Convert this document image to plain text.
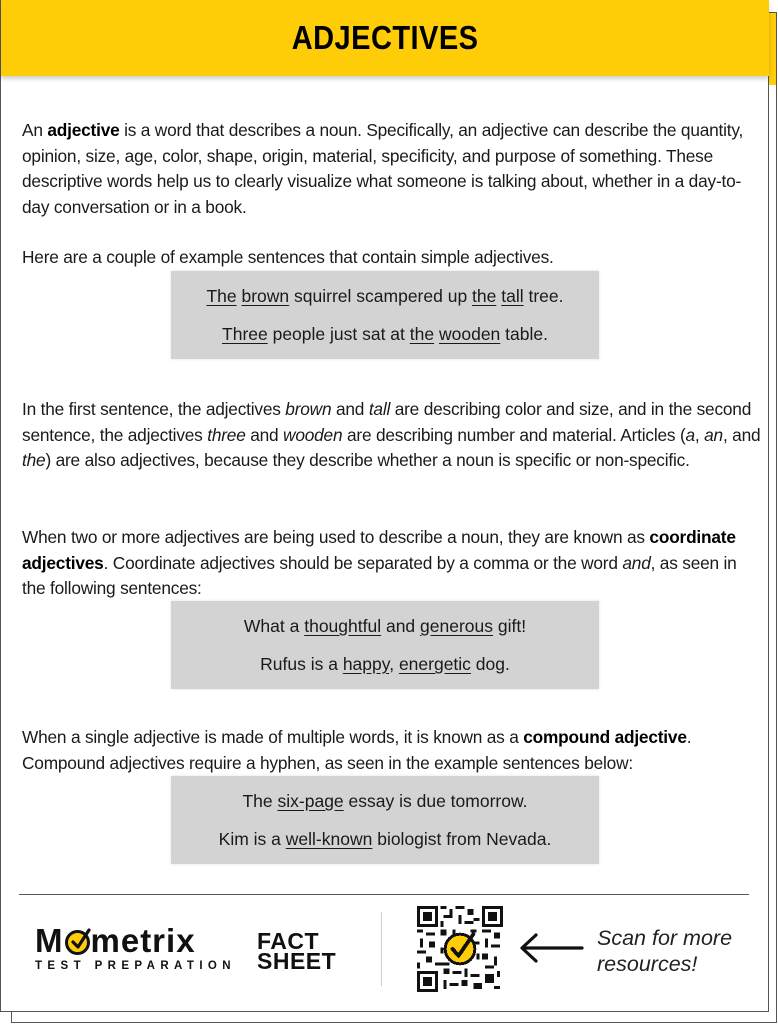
ADJECTIVES

An adjective is a word that describes a noun. Specifically, an adjective can describe the quantity, opinion, size, age, color, shape, origin, material, specificity, and purpose of something. These descriptive words help us to clearly visualize what someone is talking about, whether in a day-to-day conversation or in a book.

Here are a couple of example sentences that contain simple adjectives.

The brown squirrel scampered up the tall tree.
Three people just sat at the wooden table.

In the first sentence, the adjectives brown and tall are describing color and size, and in the second sentence, the adjectives three and wooden are describing number and material. Articles (a, an, and the) are also adjectives, because they describe whether a noun is specific or non-specific.

When two or more adjectives are being used to describe a noun, they are known as coordinate adjectives. Coordinate adjectives should be separated by a comma or the word and, as seen in the following sentences:

What a thoughtful and generous gift!
Rufus is a happy, energetic dog.

When a single adjective is made of multiple words, it is known as a compound adjective. Compound adjectives require a hyphen, as seen in the example sentences below:

The six-page essay is due tomorrow.
Kim is a well-known biologist from Nevada.
M metrix
TEST PREPARATION
FACT
SHEET
Scan for more
resources!
